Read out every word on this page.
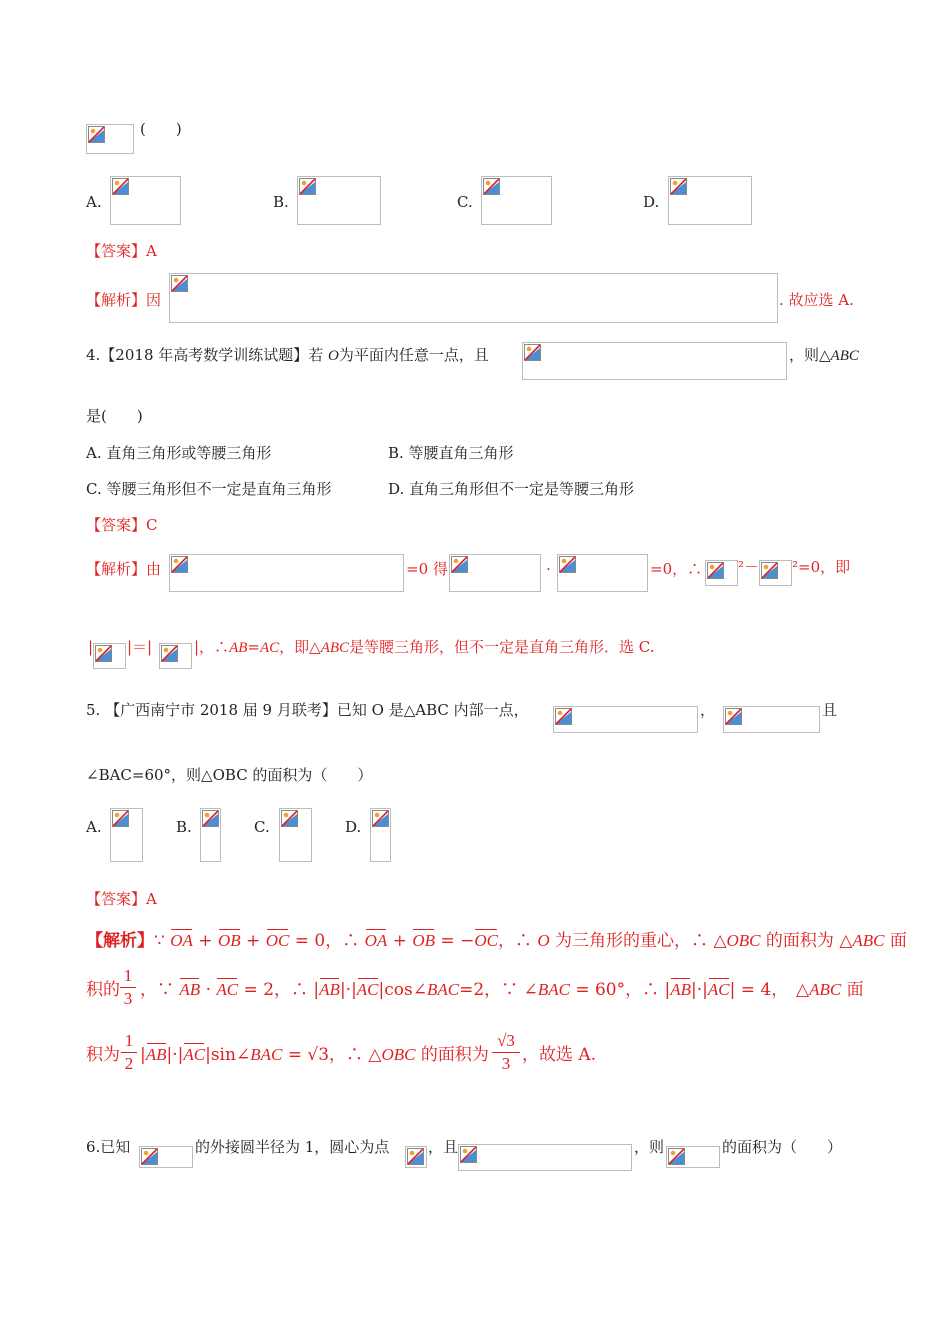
(　　)
A.	B.	C.	D.
【答案】A
【解析】因	. 故应选 A.
4.【2018 年高考数学训练试题】若 O为平面内任意一点，且	，则△ABC
是(　　)
A. 直角三角形或等腰三角形	B. 等腰直角三角形
C. 等腰三角形但不一定是直角三角形	D. 直角三角形但不一定是等腰三角形
【答案】C
【解析】由	=0 得	·	=0，∴ ²－ ²=0，即
| |＝|	|，∴AB=AC，即△ABC是等腰三角形，但不一定是直角三角形．选 C.
5. 【广西南宁市 2018 届 9 月联考】已知 O 是△ABC 内部一点，	，	且
∠BAC=60°，则△OBC 的面积为（　　）
A.	B.	C.	D.
【答案】A
【解析】∵ OA + OB + OC = 0，∴ OA + OB = −OC，∴ O 为三角形的重心，∴ △OBC 的面积为 △ABC 面
积的
1
3 ，∵ AB · AC = 2，∴ |AB|·|AC|cos∠BAC=2，∵ ∠BAC = 60°，∴ |AB|·|AC| = 4， △ABC 面
积为
1
2 |AB|·|AC|sin∠BAC = √3，∴ △OBC 的面积为
√3
3 ，故选 A.
6.已知	的外接圆半径为 1，圆心为点	，且	，则	的面积为（　　）
